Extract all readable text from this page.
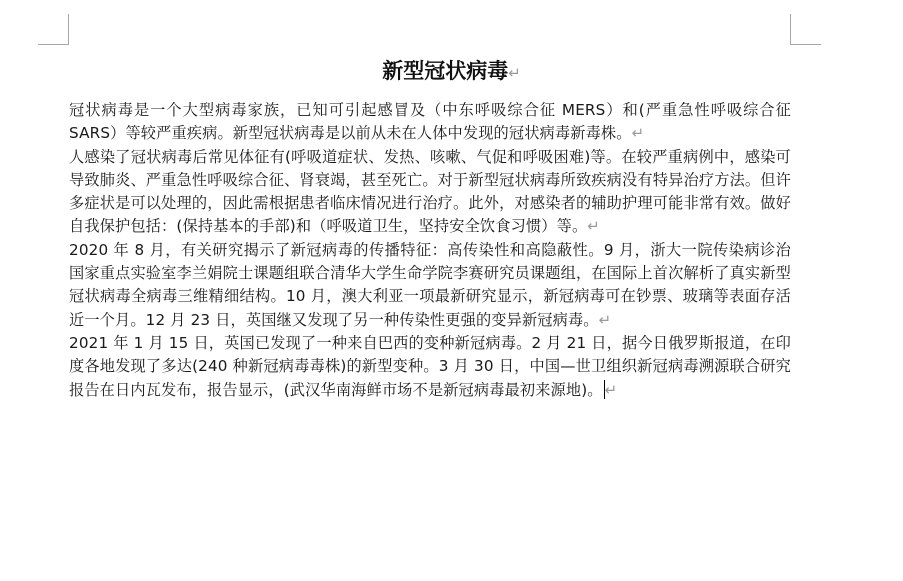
新型冠状病毒↵

冠状病毒是一个大型病毒家族，已知可引起感冒及（中东呼吸综合征 MERS）和(严重急性呼吸综合征 SARS）等较严重疾病。新型冠状病毒是以前从未在人体中发现的冠状病毒新毒株。↵

人感染了冠状病毒后常见体征有(呼吸道症状、发热、咳嗽、气促和呼吸困难)等。在较严重病例中，感染可导致肺炎、严重急性呼吸综合征、肾衰竭，甚至死亡。对于新型冠状病毒所致疾病没有特异治疗方法。但许多症状是可以处理的，因此需根据患者临床情况进行治疗。此外，对感染者的辅助护理可能非常有效。做好自我保护包括：(保持基本的手部)和（呼吸道卫生，坚持安全饮食习惯）等。↵

2020 年 8 月，有关研究揭示了新冠病毒的传播特征：高传染性和高隐蔽性。9 月，浙大一院传染病诊治国家重点实验室李兰娟院士课题组联合清华大学生命学院李赛研究员课题组，在国际上首次解析了真实新型冠状病毒全病毒三维精细结构。10 月，澳大利亚一项最新研究显示，新冠病毒可在钞票、玻璃等表面存活近一个月。12 月 23 日，英国继又发现了另一种传染性更强的变异新冠病毒。↵

2021 年 1 月 15 日，英国已发现了一种来自巴西的变种新冠病毒。2 月 21 日，据今日俄罗斯报道，在印度各地发现了多达(240 种新冠病毒毒株)的新型变种。3 月 30 日，中国—世卫组织新冠病毒溯源联合研究报告在日内瓦发布，报告显示，(武汉华南海鲜市场不是新冠病毒最初来源地)。 ↵
